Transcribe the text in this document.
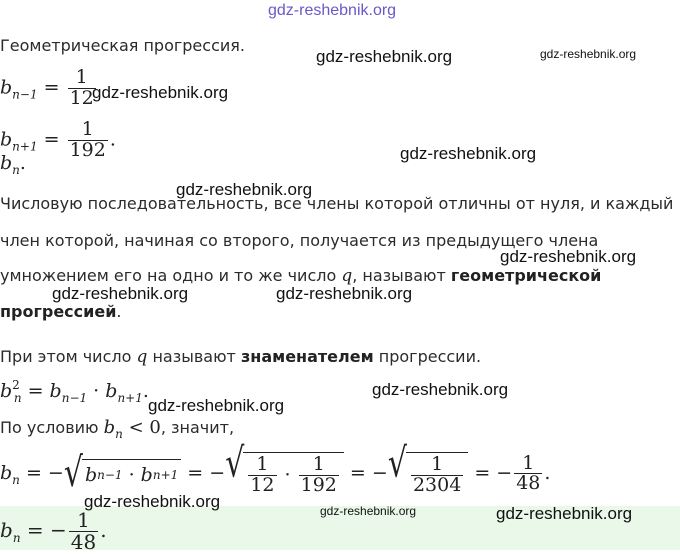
gdz-reshebnik.org
Геометрическая прогрессия.
$b_{n-1} = \frac{1}{12}$
$b_{n+1} = \frac{1}{192}$ .
$b_n$.
Числовую последовательность, все члены которой отличны от нуля, и каждый
член которой, начиная со второго, получается из предыдущего члена
умножением его на одно и то же число q, называют геометрической
прогрессией.
При этом число q называют знаменателем прогрессии.
$b^2_n = b_{n-1} \cdot b_{n+1}$.
По условию $b_n < 0$, значит,
$b_n$ = − √ b n−1 · b n+1 = − √ $\frac{1}{12} \cdot \frac{1}{192}$ = − √ $\frac{1}{2304}$ = − $\frac{1}{48}$ .
$b_n$ = − $\frac{1}{48}$ .
gdz-reshebnik.org	gdz-reshebnik.org
gdz-reshebnik.org
gdz-reshebnik.org
gdz-reshebnik.org
gdz-reshebnik.org
gdz-reshebnik.org	gdz-reshebnik.org
gdz-reshebnik.org
gdz-reshebnik.org
gdz-reshebnik.org	gdz-reshebnik.org	gdz-reshebnik.org
